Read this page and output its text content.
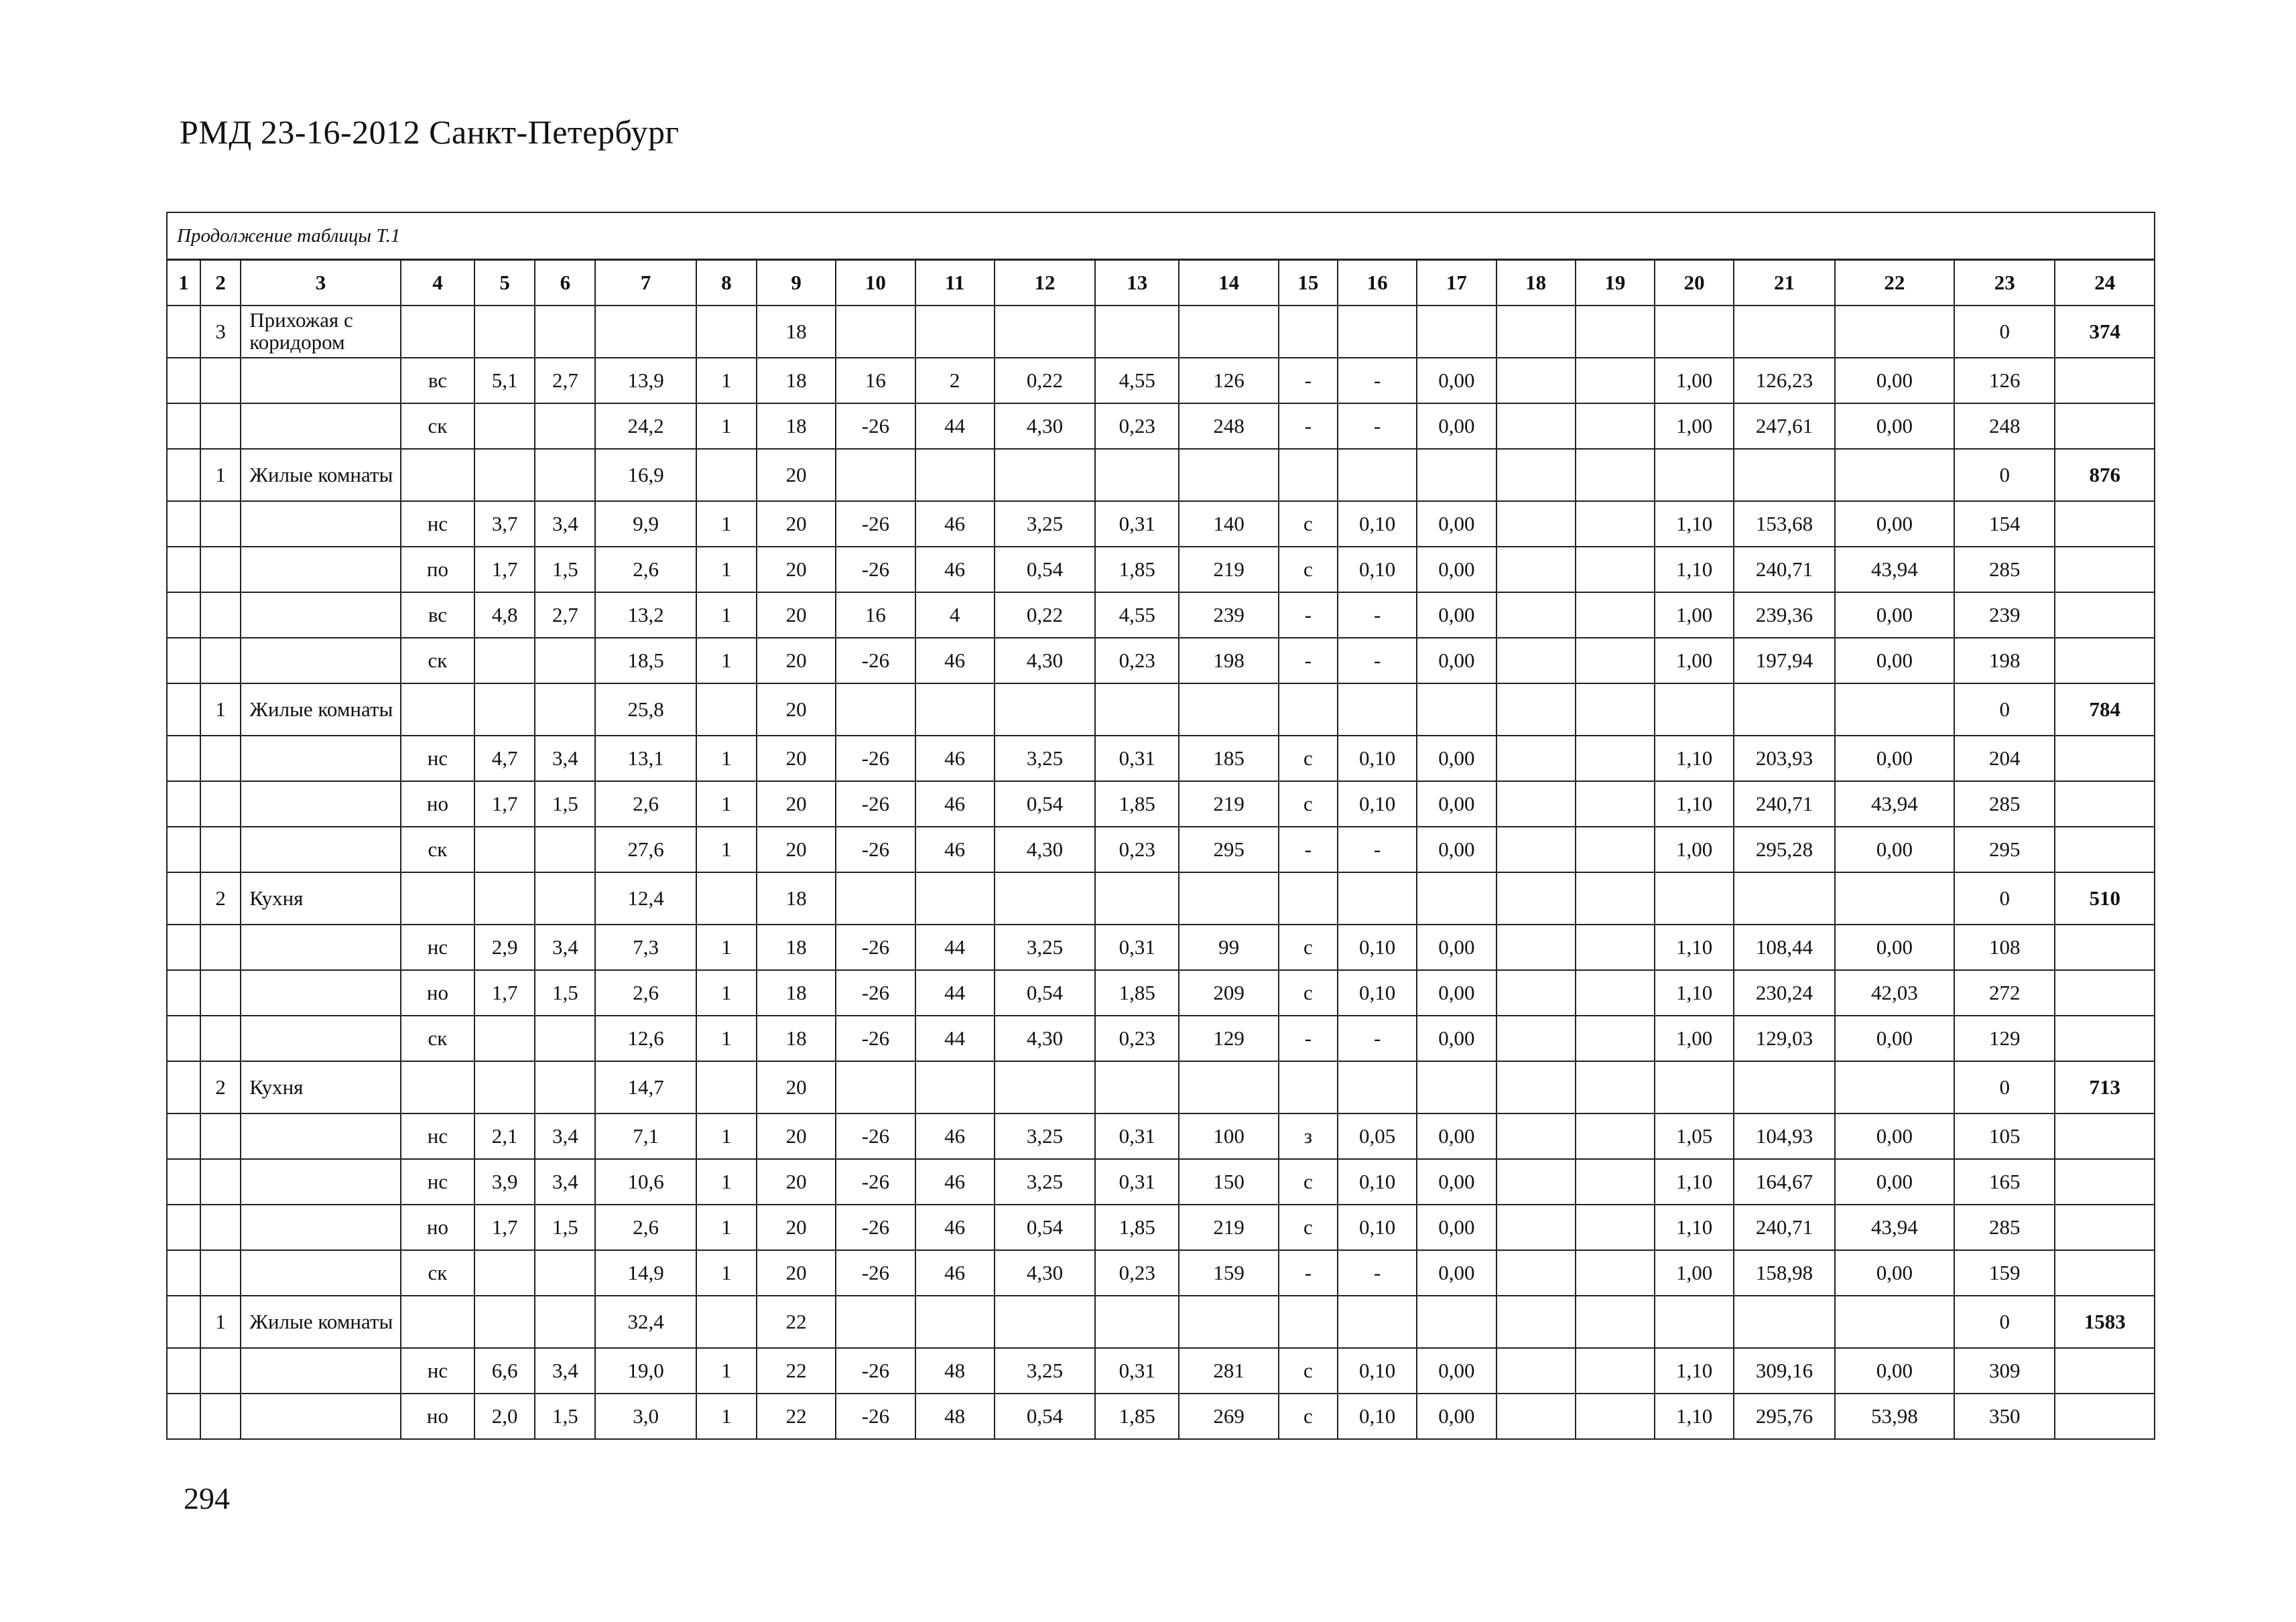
РМД 23-16-2012 Санкт-Петербург
Продолжение таблицы Т.1																							
1	2	3	4	5	6	7	8	9	10	11	12	13	14	15	16	17	18	19	20	21	22	23	24
	3	Прихожая с коридором						18														0	374
			вс	5,1	2,7	13,9	1	18	16	2	0,22	4,55	126	-	-	0,00			1,00	126,23	0,00	126	
			ск			24,2	1	18	-26	44	4,30	0,23	248	-	-	0,00			1,00	247,61	0,00	248	
	1	Жилые комнаты				16,9		20														0	876
			нс	3,7	3,4	9,9	1	20	-26	46	3,25	0,31	140	с	0,10	0,00			1,10	153,68	0,00	154	
			по	1,7	1,5	2,6	1	20	-26	46	0,54	1,85	219	с	0,10	0,00			1,10	240,71	43,94	285	
			вс	4,8	2,7	13,2	1	20	16	4	0,22	4,55	239	-	-	0,00			1,00	239,36	0,00	239	
			ск			18,5	1	20	-26	46	4,30	0,23	198	-	-	0,00			1,00	197,94	0,00	198	
	1	Жилые комнаты				25,8		20														0	784
			нс	4,7	3,4	13,1	1	20	-26	46	3,25	0,31	185	с	0,10	0,00			1,10	203,93	0,00	204	
			но	1,7	1,5	2,6	1	20	-26	46	0,54	1,85	219	с	0,10	0,00			1,10	240,71	43,94	285	
			ск			27,6	1	20	-26	46	4,30	0,23	295	-	-	0,00			1,00	295,28	0,00	295	
	2	Кухня				12,4		18														0	510
			нс	2,9	3,4	7,3	1	18	-26	44	3,25	0,31	99	с	0,10	0,00			1,10	108,44	0,00	108	
			но	1,7	1,5	2,6	1	18	-26	44	0,54	1,85	209	с	0,10	0,00			1,10	230,24	42,03	272	
			ск			12,6	1	18	-26	44	4,30	0,23	129	-	-	0,00			1,00	129,03	0,00	129	
	2	Кухня				14,7		20														0	713
			нс	2,1	3,4	7,1	1	20	-26	46	3,25	0,31	100	з	0,05	0,00			1,05	104,93	0,00	105	
			нс	3,9	3,4	10,6	1	20	-26	46	3,25	0,31	150	с	0,10	0,00			1,10	164,67	0,00	165	
			но	1,7	1,5	2,6	1	20	-26	46	0,54	1,85	219	с	0,10	0,00			1,10	240,71	43,94	285	
			ск			14,9	1	20	-26	46	4,30	0,23	159	-	-	0,00			1,00	158,98	0,00	159	
	1	Жилые комнаты				32,4		22														0	1583
			нс	6,6	3,4	19,0	1	22	-26	48	3,25	0,31	281	с	0,10	0,00			1,10	309,16	0,00	309	
			но	2,0	1,5	3,0	1	22	-26	48	0,54	1,85	269	с	0,10	0,00			1,10	295,76	53,98	350	
294
